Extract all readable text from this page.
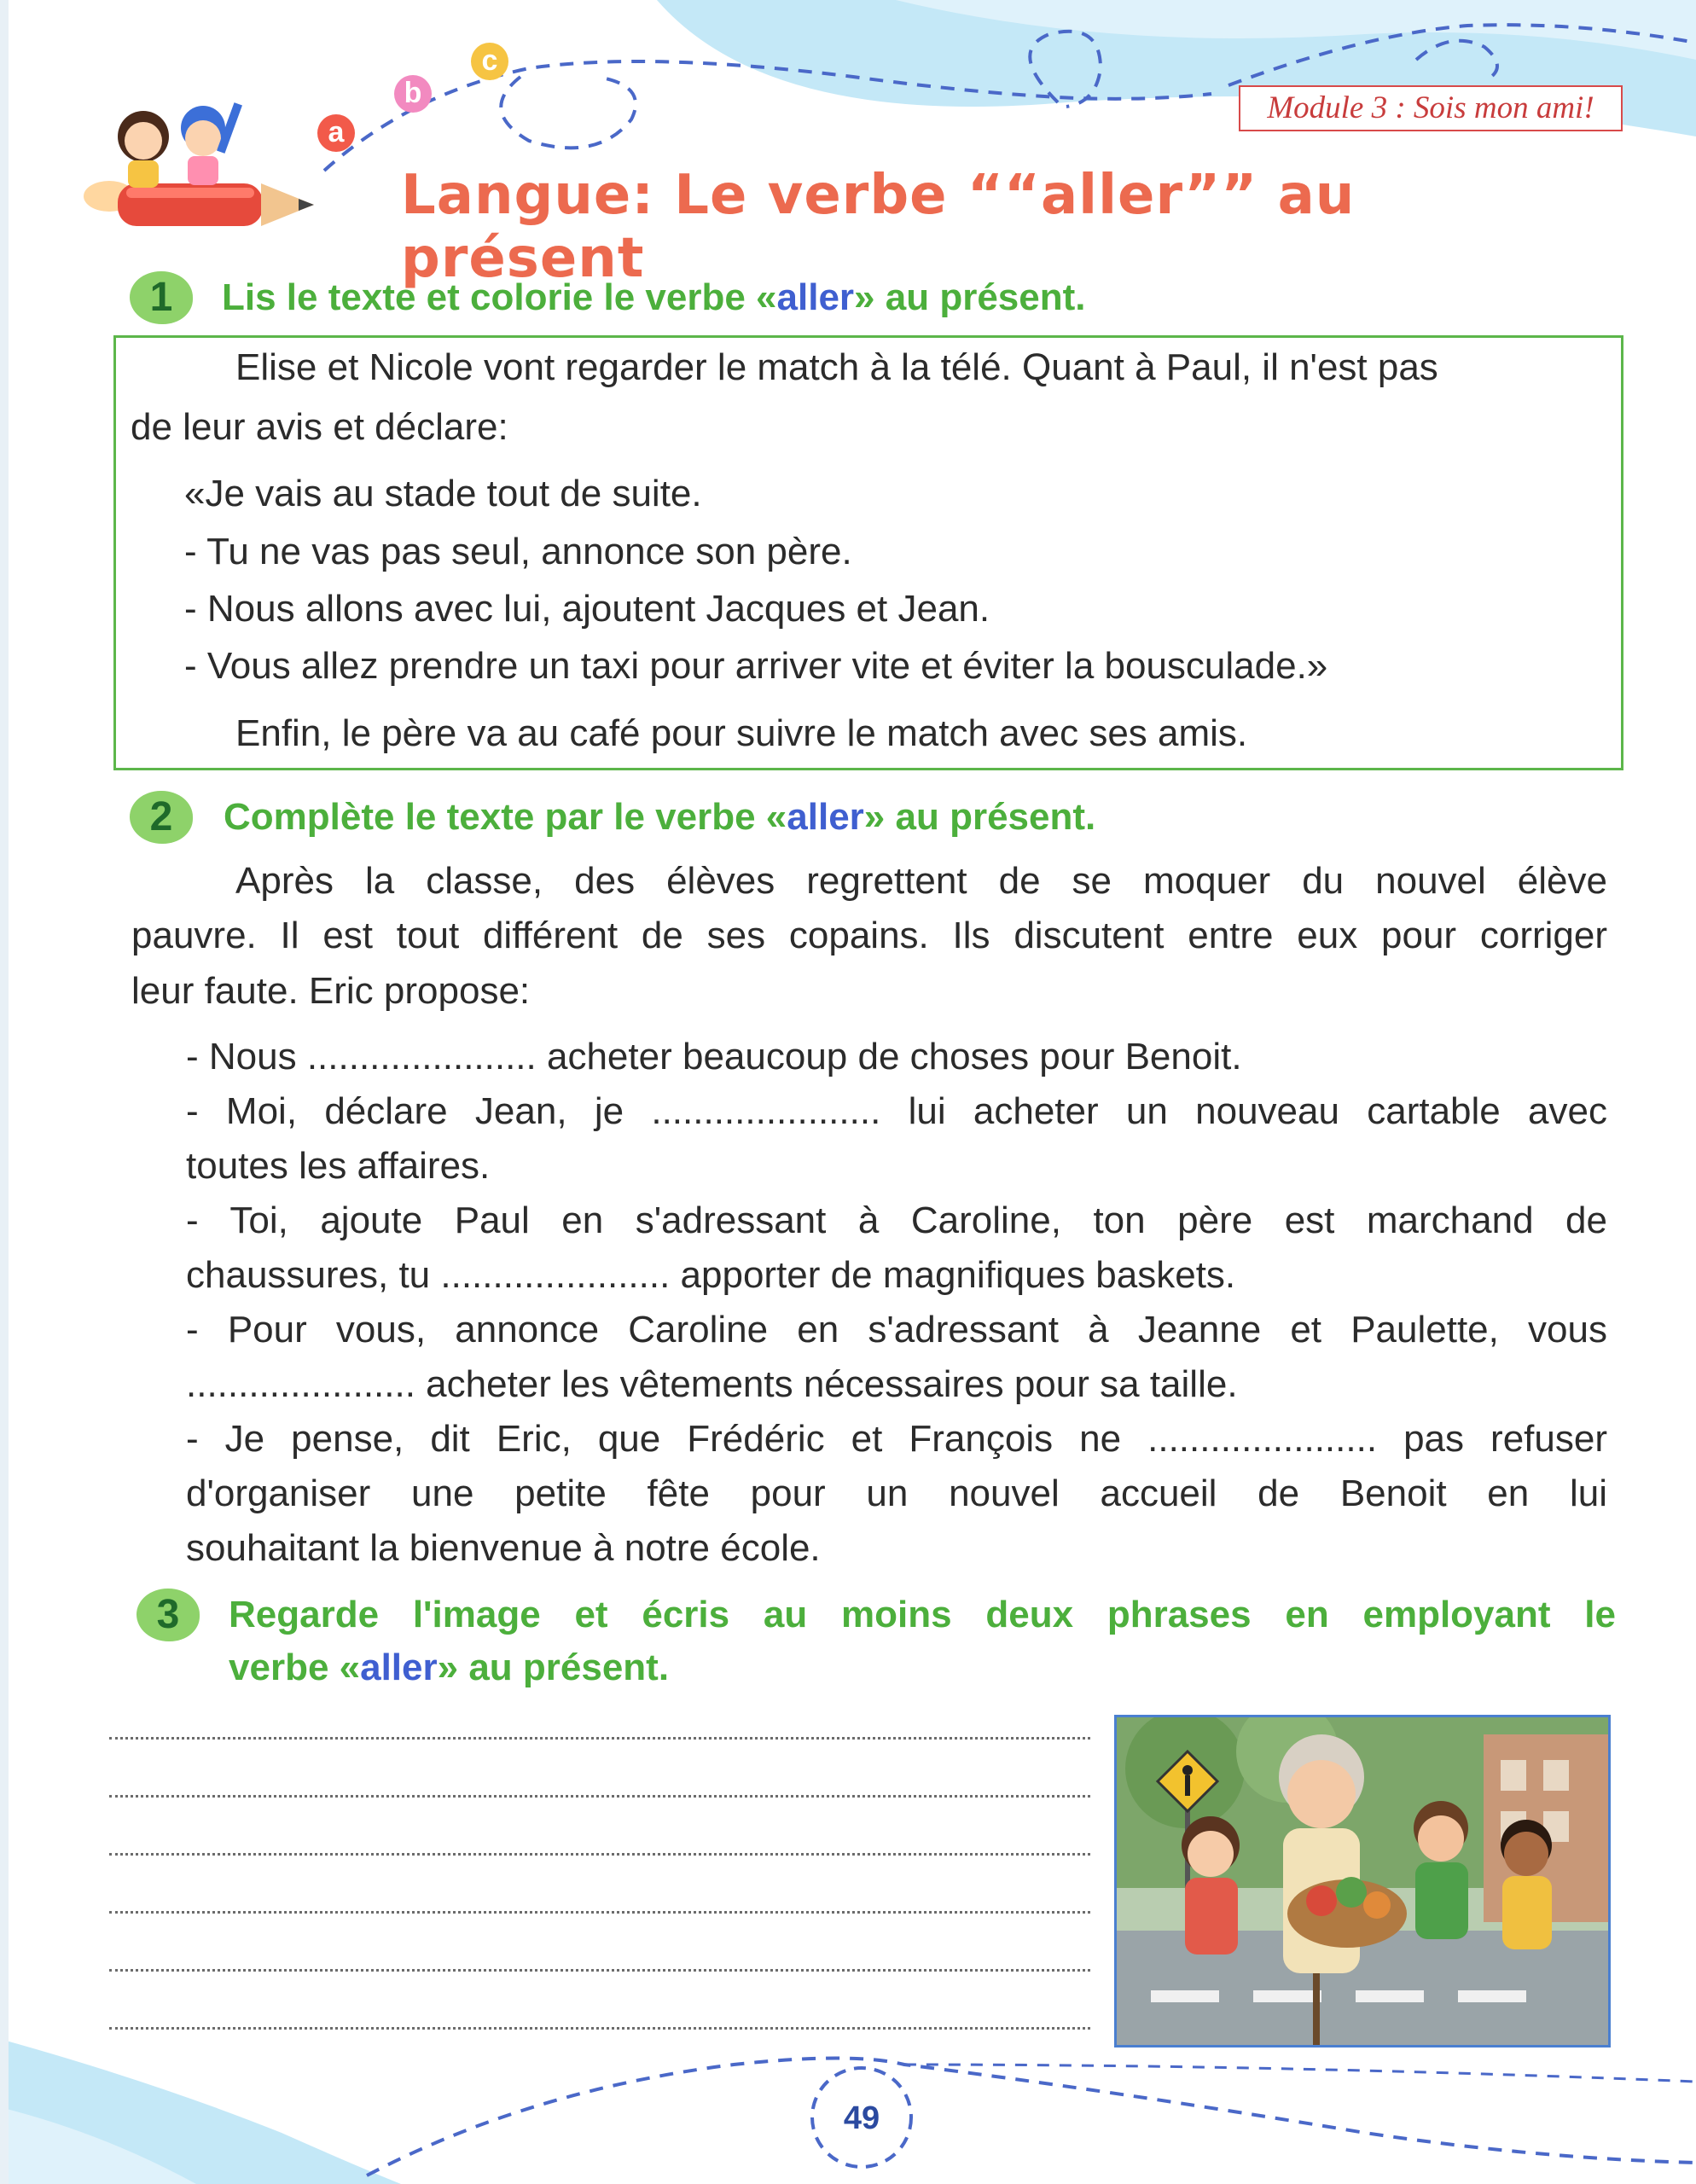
a
b
c
Module 3 : Sois mon ami!
Langue: Le verbe ““aller”” au présent
1	Lis le texte et colorie le verbe «aller» au présent.
Elise et Nicole vont regarder le match à la télé. Quant à Paul, il n'est pas
de leur avis et déclare:
«Je vais au stade tout de suite.
- Tu ne vas pas seul, annonce son père.
- Nous allons avec lui, ajoutent Jacques et Jean.
- Vous allez prendre un taxi pour arriver vite et éviter la bousculade.»
Enfin, le père va au café pour suivre le match avec ses amis.
2	Complète le texte par le verbe «aller» au présent.
Après la classe, des élèves regrettent de se moquer du nouvel élève
pauvre. Il est tout différent de ses copains. Ils discutent entre eux pour corriger
leur faute. Eric propose:
- Nous ...................... acheter beaucoup de choses pour Benoit.
- Moi, déclare Jean, je ...................... lui acheter un nouveau cartable avec
toutes les affaires.
- Toi, ajoute Paul en s'adressant à Caroline, ton père est marchand de
chaussures, tu ...................... apporter de magnifiques baskets.
- Pour vous, annonce Caroline en s'adressant à Jeanne et Paulette, vous
...................... acheter les vêtements nécessaires pour sa taille.
- Je pense, dit Eric, que Frédéric et François ne ...................... pas refuser
d'organiser une petite fête pour un nouvel accueil de Benoit en lui
souhaitant la bienvenue à notre école.
3	Regarde l'image et écris au moins deux phrases en employant le
verbe «aller» au présent.
49
